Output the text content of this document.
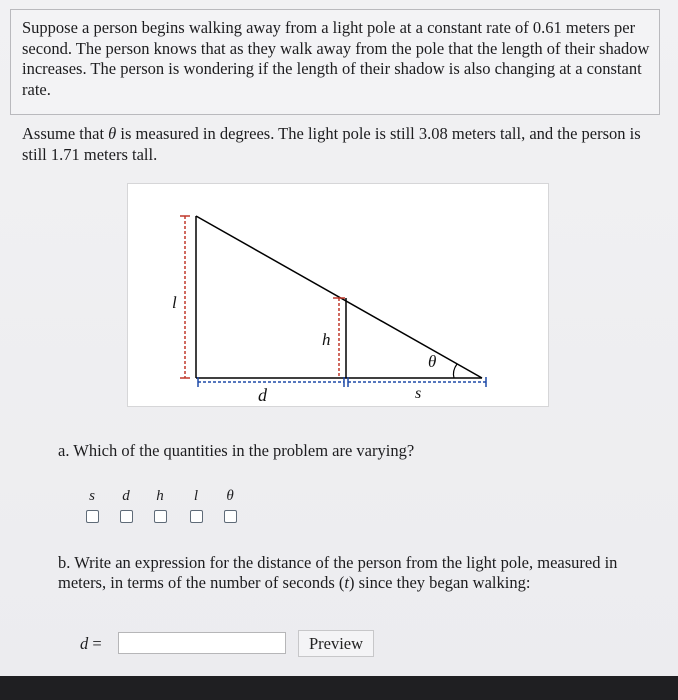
Suppose a person begins walking away from a light pole at a constant rate of 0.61 meters per second. The person knows that as they walk away from the pole that the length of their shadow increases. The person is wondering if the length of their shadow is also changing at a constant rate.
Assume that θ is measured in degrees. The light pole is still 3.08 meters tall, and the person is still 1.71 meters tall.
l
h
d	s
θ
a. Which of the quantities in the problem are varying?
s	d	h	l	θ
b. Write an expression for the distance of the person from the light pole, measured in meters, in terms of the number of seconds (t) since they began walking:
d =	Preview
